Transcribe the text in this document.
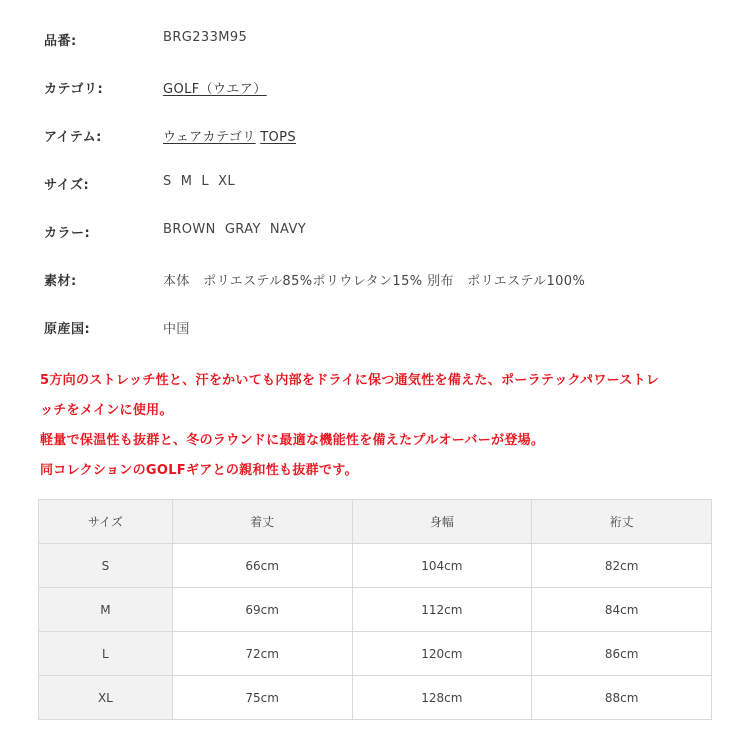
品番:	BRG233M95
カテゴリ:	GOLF（ウエア）
アイテム:	ウェアカテゴリ TOPS
サイズ:	S  M  L  XL
カラー:	BROWN  GRAY  NAVY
素材:	本体　ポリエステル85%ポリウレタン15% 別布　ポリエステル100%
原産国:	中国

5方向のストレッチ性と、汗をかいても内部をドライに保つ通気性を備えた、ポーラテックパワーストレ

ッチをメインに使用。

軽量で保温性も抜群と、冬のラウンドに最適な機能性を備えたプルオーバーが登場。

同コレクションのGOLFギアとの親和性も抜群です。

サイズ	着丈	身幅	裄丈
S	66cm	104cm	82cm
M	69cm	112cm	84cm
L	72cm	120cm	86cm
XL	75cm	128cm	88cm
